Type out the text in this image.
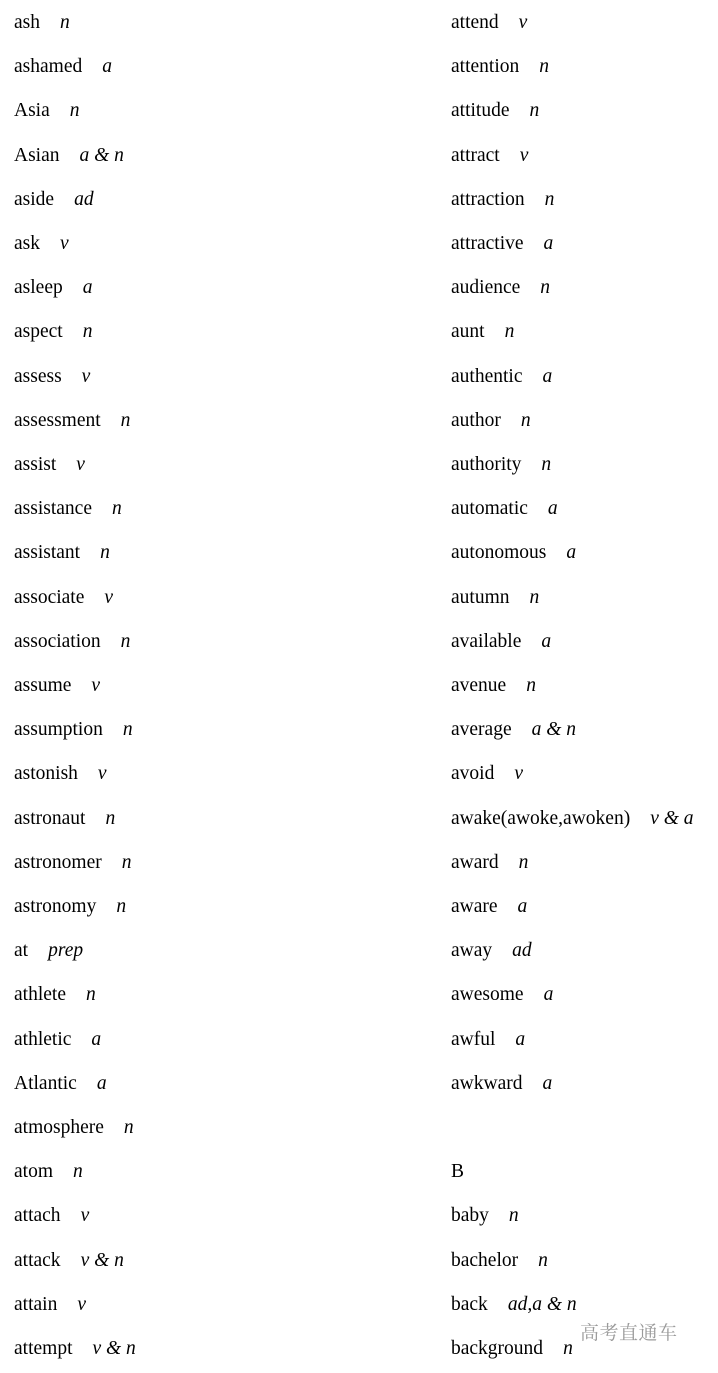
ash n
ashamed a
Asia n
Asian a & n
aside ad
ask v
asleep a
aspect n
assess v
assessment n
assist v
assistance n
assistant n
associate v
association n
assume v
assumption n
astonish v
astronaut n
astronomer n
astronomy n
at prep
athlete n
athletic a
Atlantic a
atmosphere n
atom n
attach v
attack v & n
attain v
attempt v & n
B
attend v
attention n
attitude n
attract v
attraction n
attractive a
audience n
aunt n
authentic a
author n
authority n
automatic a
autonomous a
autumn n
available a
avenue n
average a & n
avoid v
awake(awoke,awoken) v & a
award n
aware a
away ad
awesome a
awful a
awkward a
baby n
bachelor n
back ad,a & n
background n
高考直通车
